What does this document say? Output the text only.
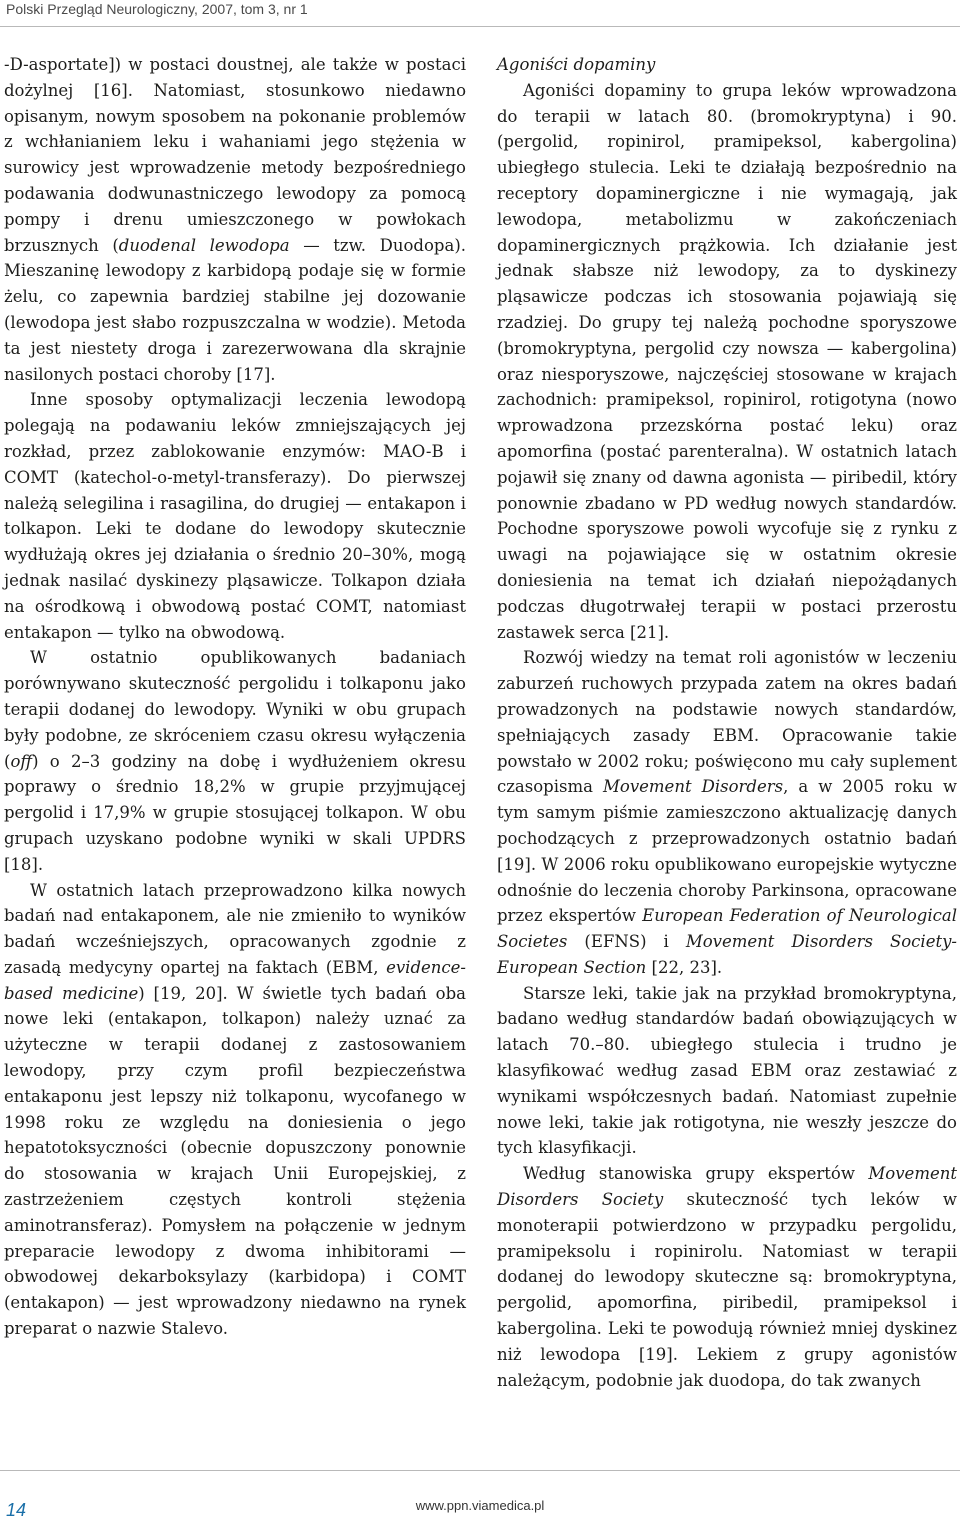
Polski Przegląd Neurologiczny, 2007, tom 3, nr 1

-D-asportate]) w postaci doustnej, ale także w postaci dożylnej [16]. Natomiast, stosunkowo niedawno opisanym, nowym sposobem na pokonanie problemów z wchłanianiem leku i wahaniami jego stężenia w surowicy jest wprowadzenie metody bezpośredniego podawania dodwunastniczego lewodopy za pomocą pompy i drenu umieszczonego w powłokach brzusznych (duodenal lewodopa — tzw. Duodopa). Mieszaninę lewodopy z karbidopą podaje się w formie żelu, co zapewnia bardziej stabilne jej dozowanie (lewodopa jest słabo rozpuszczalna w wodzie). Metoda ta jest niestety droga i zarezerwowana dla skrajnie nasilonych postaci choroby [17].

Inne sposoby optymalizacji leczenia lewodopą polegają na podawaniu leków zmniejszających jej rozkład, przez zablokowanie enzymów: MAO-B i COMT (katechol-o-metyl-transferazy). Do pierwszej należą selegilina i rasagilina, do drugiej — entakapon i tolkapon. Leki te dodane do lewodopy skutecznie wydłużają okres jej działania o średnio 20–30%, mogą jednak nasilać dyskinezy pląsawicze. Tolkapon działa na ośrodkową i obwodową postać COMT, natomiast entakapon — tylko na obwodową.

W ostatnio opublikowanych badaniach porównywano skuteczność pergolidu i tolkaponu jako terapii dodanej do lewodopy. Wyniki w obu grupach były podobne, ze skróceniem czasu okresu wyłączenia (off) o 2–3 godziny na dobę i wydłużeniem okresu poprawy o średnio 18,2% w grupie przyjmującej pergolid i 17,9% w grupie stosującej tolkapon. W obu grupach uzyskano podobne wyniki w skali UPDRS [18].

W ostatnich latach przeprowadzono kilka nowych badań nad entakaponem, ale nie zmieniło to wyników badań wcześniejszych, opracowanych zgodnie z zasadą medycyny opartej na faktach (EBM, evidence-based medicine) [19, 20]. W świetle tych badań oba nowe leki (entakapon, tolkapon) należy uznać za użyteczne w terapii dodanej z zastosowaniem lewodopy, przy czym profil bezpieczeństwa entakaponu jest lepszy niż tolkaponu, wycofanego w 1998 roku ze względu na doniesienia o jego hepatotoksyczności (obecnie dopuszczony ponownie do stosowania w krajach Unii Europejskiej, z zastrzeżeniem częstych kontroli stężenia aminotransferaz). Pomysłem na połączenie w jednym preparacie lewodopy z dwoma inhibitorami — obwodowej dekarboksylazy (karbidopa) i COMT (entakapon) — jest wprowadzony niedawno na rynek preparat o nazwie Stalevo.

Agoniści dopaminy

Agoniści dopaminy to grupa leków wprowadzona do terapii w latach 80. (bromokryptyna) i 90. (pergolid, ropinirol, pramipeksol, kabergolina) ubiegłego stulecia. Leki te działają bezpośrednio na receptory dopaminergiczne i nie wymagają, jak lewodopa, metabolizmu w zakończeniach dopaminergicznych prążkowia. Ich działanie jest jednak słabsze niż lewodopy, za to dyskinezy pląsawicze podczas ich stosowania pojawiają się rzadziej. Do grupy tej należą pochodne sporyszowe (bromokryptyna, pergolid czy nowsza — kabergolina) oraz niesporyszowe, najczęściej stosowane w krajach zachodnich: pramipeksol, ropinirol, rotigotyna (nowo wprowadzona przezskórna postać leku) oraz apomorfina (postać parenteralna). W ostatnich latach pojawił się znany od dawna agonista — piribedil, który ponownie zbadano w PD według nowych standardów. Pochodne sporyszowe powoli wycofuje się z rynku z uwagi na pojawiające się w ostatnim okresie doniesienia na temat ich działań niepożądanych podczas długotrwałej terapii w postaci przerostu zastawek serca [21].

Rozwój wiedzy na temat roli agonistów w leczeniu zaburzeń ruchowych przypada zatem na okres badań prowadzonych na podstawie nowych standardów, spełniających zasady EBM. Opracowanie takie powstało w 2002 roku; poświęcono mu cały suplement czasopisma Movement Disorders, a w 2005 roku w tym samym piśmie zamieszczono aktualizację danych pochodzących z przeprowadzonych ostatnio badań [19]. W 2006 roku opublikowano europejskie wytyczne odnośnie do leczenia choroby Parkinsona, opracowane przez ekspertów European Federation of Neurological Societes (EFNS) i Movement Disorders Society-European Section [22, 23].

Starsze leki, takie jak na przykład bromokryptyna, badano według standardów badań obowiązujących w latach 70.–80. ubiegłego stulecia i trudno je klasyfikować według zasad EBM oraz zestawiać z wynikami współczesnych badań. Natomiast zupełnie nowe leki, takie jak rotigotyna, nie weszły jeszcze do tych klasyfikacji.

Według stanowiska grupy ekspertów Movement Disorders Society skuteczność tych leków w monoterapii potwierdzono w przypadku pergolidu, pramipeksolu i ropinirolu. Natomiast w terapii dodanej do lewodopy skuteczne są: bromokryptyna, pergolid, apomorfina, piribedil, pramipeksol i kabergolina. Leki te powodują również mniej dyskinez niż lewodopa [19]. Lekiem z grupy agonistów należącym, podobnie jak duodopa, do tak zwanych

14	www.ppn.viamedica.pl
